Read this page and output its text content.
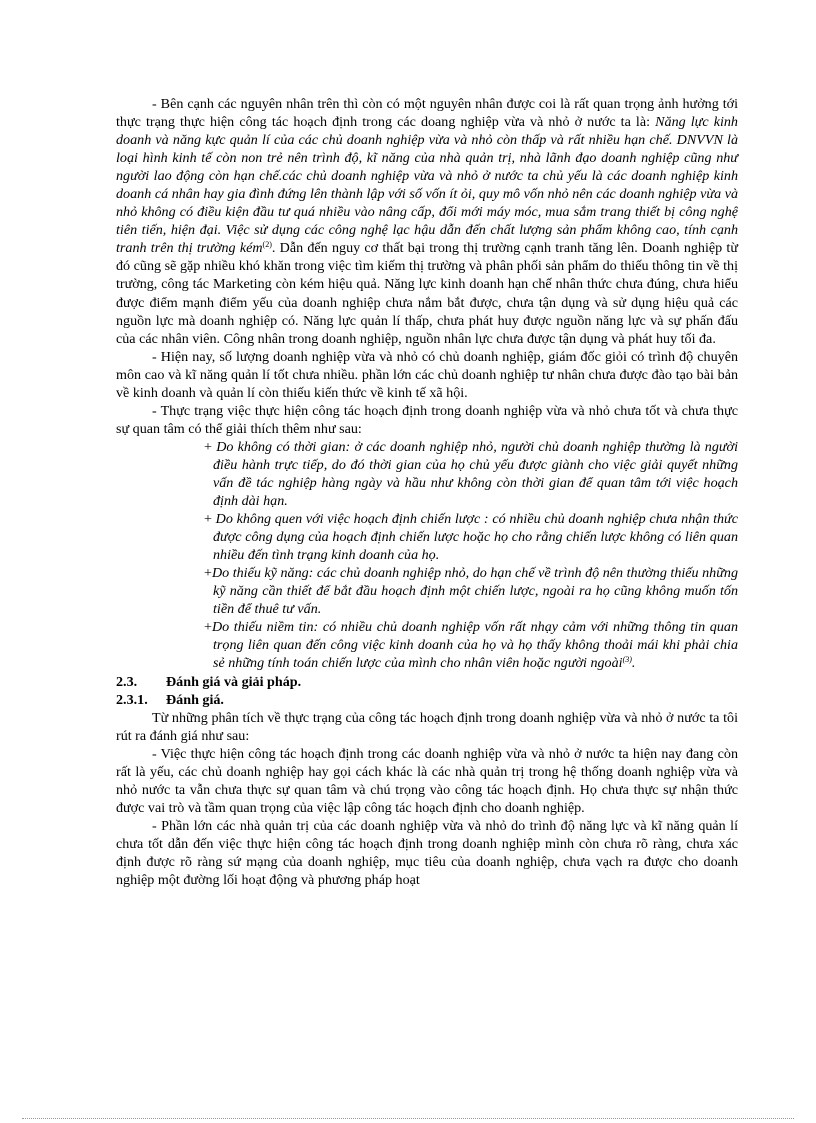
- Bên cạnh các nguyên nhân trên thì còn có một nguyên nhân được coi là rất quan trọng ảnh hưởng tới thực trạng thực hiện công tác hoạch định trong các doang nghiệp vừa và nhỏ ở nước ta là: Năng lực kinh doanh và năng kực quản lí của các chủ doanh nghiệp vừa và nhỏ còn thấp và rất nhiều hạn chế. DNVVN là loại hình kinh tế còn non trẻ nên trình độ, kĩ năng của nhà quản trị, nhà lãnh đạo doanh nghiệp cũng như người lao động còn hạn chế.các chủ doanh nghiệp vừa và nhỏ ở nước ta chủ yếu là các doanh nghiệp kinh doanh cá nhân hay gia đình đứng lên thành lập với số vốn ít ỏi, quy mô vốn nhỏ nên các doanh nghiệp vừa và nhỏ không có điều kiện đầu tư quá nhiều vào nâng cấp, đổi mới máy móc, mua sắm trang thiết bị công nghệ tiên tiến, hiện đại. Việc sử dụng các công nghệ lạc hậu dẫn đến chất lượng sản phẩm không cao, tính cạnh tranh trên thị trường kém$^{(2)}$. Dẫn đến nguy cơ thất bại trong thị trường cạnh tranh tăng lên. Doanh nghiệp từ đó cũng sẽ gặp nhiều khó khăn trong việc tìm kiếm thị trường và phân phối sản phẩm do thiếu thông tin về thị trường, công tác Marketing còn kém hiệu quả. Năng lực kinh doanh hạn chế nhân thức chưa đúng, chưa hiểu được điểm mạnh điểm yếu của doanh nghiệp chưa nắm bắt được, chưa tận dụng và sử dụng hiệu quả các nguồn lực mà doanh nghiệp có. Năng lực quản lí thấp, chưa phát huy được nguồn năng lực và sự phấn đấu của các nhân viên. Công nhân trong doanh nghiệp, nguồn nhân lực chưa được tận dụng và phát huy tối đa.

- Hiện nay, số lượng doanh nghiệp vừa và nhỏ có chủ doanh nghiệp, giám đốc giỏi có trình độ chuyên môn cao và kĩ năng quản lí tốt chưa nhiều. phần lớn các chủ doanh nghiệp tư nhân chưa được đào tạo bài bản về kinh doanh và quản lí còn thiếu kiến thức về kinh tế xã hội.

- Thực trạng việc thực hiện công tác hoạch định trong doanh nghiệp vừa và nhỏ chưa tốt và chưa thực sự quan tâm có thể giải thích thêm như sau:

+ Do không có thời gian: ở các doanh nghiệp nhỏ, người chủ doanh nghiệp thường là người điều hành trực tiếp, do đó thời gian của họ chủ yếu được giành cho việc giải quyết những vấn đề tác nghiệp hàng ngày và hầu như không còn thời gian để quan tâm tới việc hoạch định dài hạn.

+ Do không quen với việc hoạch định chiến lược : có nhiều chủ doanh nghiệp chưa nhận thức được công dụng của hoạch định chiến lược hoặc họ cho rằng chiến lược không có liên quan nhiều đến tình trạng kinh doanh của họ.

+Do thiếu kỹ năng: các chủ doanh nghiệp nhỏ, do hạn chế về trình độ nên thường thiếu những kỹ năng cần thiết để bắt đầu hoạch định một chiến lược, ngoài ra họ cũng không muốn tốn tiền để thuê tư vấn.

+Do thiếu niềm tin: có nhiều chủ doanh nghiệp vốn rất nhạy cảm với những thông tin quan trọng liên quan đến công việc kinh doanh của họ và họ thấy không thoải mái khi phải chia sẻ những tính toán chiến lược của mình cho nhân viên hoặc người ngoài$^{(3)}$.

2.3.	Đánh giá và giải pháp.

2.3.1.	Đánh giá.

Từ những phân tích về thực trạng của công tác hoạch định trong doanh nghiệp vừa và nhỏ ở nước ta tôi rút ra đánh giá như sau:

- Việc thực hiện công tác hoạch định trong các doanh nghiệp vừa và nhỏ ở nước ta hiện nay đang còn rất là yếu, các chủ doanh nghiệp hay gọi cách khác là các nhà quản trị trong hệ thống doanh nghiệp vừa và nhỏ nước ta vẫn chưa thực sự quan tâm và chú trọng vào công tác hoạch định. Họ chưa thực sự nhận thức được vai trò và tầm quan trọng của việc lập công tác hoạch định cho doanh nghiệp.

- Phần lớn các nhà quản trị của các doanh nghiệp vừa và nhỏ do trình độ năng lực và kĩ năng quản lí chưa tốt dẫn đến việc thực hiện công tác hoạch định trong doanh nghiệp mình còn chưa rõ ràng, chưa xác định được rõ ràng sứ mạng của doanh nghiệp, mục tiêu của doanh nghiệp, chưa vạch ra được cho doanh nghiệp một đường lối hoạt động và phương pháp hoạt
